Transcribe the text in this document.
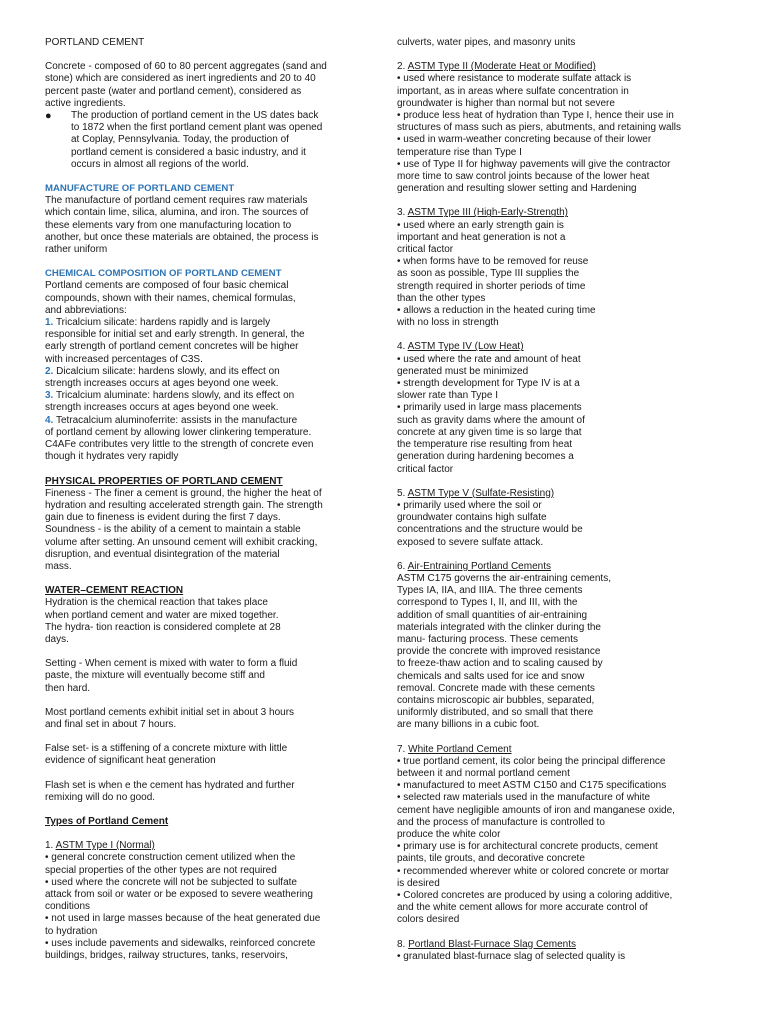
PORTLAND CEMENT

Concrete - composed of 60 to 80 percent aggregates (sand and
stone) which are considered as inert ingredients and 20 to 40
percent paste (water and portland cement), considered as
active ingredients.

●	The production of portland cement in the US dates back
to 1872 when the first portland cement plant was opened
at Coplay, Pennsylvania. Today, the production of
portland cement is considered a basic industry, and it
occurs in almost all regions of the world.

MANUFACTURE OF PORTLAND CEMENT

The manufacture of portland cement requires raw materials
which contain lime, silica, alumina, and iron. The sources of
these elements vary from one manufacturing location to
another, but once these materials are obtained, the process is
rather uniform

CHEMICAL COMPOSITION OF PORTLAND CEMENT

Portland cements are composed of four basic chemical
compounds, shown with their names, chemical formulas,
and abbreviations:

1. Tricalcium silicate: hardens rapidly and is largely
responsible for initial set and early strength. In general, the
early strength of portland cement concretes will be higher
with increased percentages of C3S.

2. Dicalcium silicate: hardens slowly, and its effect on
strength increases occurs at ages beyond one week.

3. Tricalcium aluminate: hardens slowly, and its effect on
strength increases occurs at ages beyond one week.

4. Tetracalcium aluminoferrite: assists in the manufacture
of portland cement by allowing lower clinkering temperature.
C4AFe contributes very little to the strength of concrete even
though it hydrates very rapidly

PHYSICAL PROPERTIES OF PORTLAND CEMENT

Fineness - The finer a cement is ground, the higher the heat of
hydration and resulting accelerated strength gain. The strength
gain due to fineness is evident during the first 7 days.
Soundness - is the ability of a cement to maintain a stable
volume after setting. An unsound cement will exhibit cracking,
disruption, and eventual disintegration of the material
mass.

WATER–CEMENT REACTION

Hydration is the chemical reaction that takes place
when portland cement and water are mixed together.
The hydra- tion reaction is considered complete at 28
days.

Setting - When cement is mixed with water to form a fluid
paste, the mixture will eventually become stiff and
then hard.

Most portland cements exhibit initial set in about 3 hours
and final set in about 7 hours.

False set- is a stiffening of a concrete mixture with little
evidence of significant heat generation

Flash set is when e the cement has hydrated and further
remixing will do no good.

Types of Portland Cement

1. ASTM Type I (Normal)

• general concrete construction cement utilized when the
special properties of the other types are not required
• used where the concrete will not be subjected to sulfate
attack from soil or water or be exposed to severe weathering
conditions
• not used in large masses because of the heat generated due
to hydration
• uses include pavements and sidewalks, reinforced concrete
buildings, bridges, railway structures, tanks, reservoirs,

culverts, water pipes, and masonry units

2. ASTM Type II (Moderate Heat or Modified)

• used where resistance to moderate sulfate attack is
important, as in areas where sulfate concentration in
groundwater is higher than normal but not severe
• produce less heat of hydration than Type I, hence their use in
structures of mass such as piers, abutments, and retaining walls
• used in warm-weather concreting because of their lower
temperature rise than Type I
• use of Type II for highway pavements will give the contractor
more time to saw control joints because of the lower heat
generation and resulting slower setting and Hardening

3. ASTM Type III (High-Early-Strength)

• used where an early strength gain is
important and heat generation is not a
critical factor
• when forms have to be removed for reuse
as soon as possible, Type III supplies the
strength required in shorter periods of time
than the other types
• allows a reduction in the heated curing time
with no loss in strength

4. ASTM Type IV (Low Heat)

• used where the rate and amount of heat
generated must be minimized
• strength development for Type IV is at a
slower rate than Type I
• primarily used in large mass placements
such as gravity dams where the amount of
concrete at any given time is so large that
the temperature rise resulting from heat
generation during hardening becomes a
critical factor

5. ASTM Type V (Sulfate-Resisting)

• primarily used where the soil or
groundwater contains high sulfate
concentrations and the structure would be
exposed to severe sulfate attack.

6. Air-Entraining Portland Cements

ASTM C175 governs the air-entraining cements,
Types IA, IIA, and IIIA. The three cements
correspond to Types I, II, and III, with the
addition of small quantities of air-entraining
materials integrated with the clinker during the
manu- facturing process. These cements
provide the concrete with improved resistance
to freeze-thaw action and to scaling caused by
chemicals and salts used for ice and snow
removal. Concrete made with these cements
contains microscopic air bubbles, separated,
uniformly distributed, and so small that there
are many billions in a cubic foot.

7. White Portland Cement

• true portland cement, its color being the principal difference
between it and normal portland cement
• manufactured to meet ASTM C150 and C175 specifications
• selected raw materials used in the manufacture of white
cement have negligible amounts of iron and manganese oxide,
and the process of manufacture is controlled to
produce the white color
• primary use is for architectural concrete products, cement
paints, tile grouts, and decorative concrete
• recommended wherever white or colored concrete or mortar
is desired
• Colored concretes are produced by using a coloring additive,
and the white cement allows for more accurate control of
colors desired

8. Portland Blast-Furnace Slag Cements

• granulated blast-furnace slag of selected quality is
